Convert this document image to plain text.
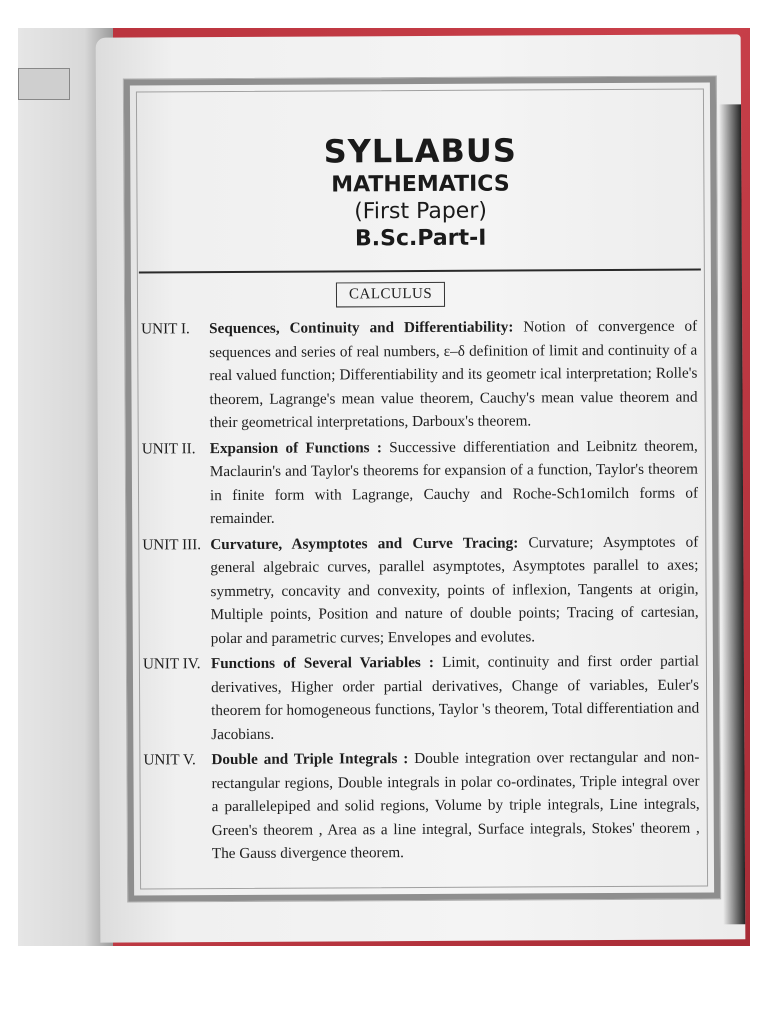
SYLLABUS
MATHEMATICS
(First Paper)
B.Sc.Part-I
CALCULUS
UNIT I.	Sequences, Continuity and Differentiability: Notion of convergence of sequences and series of real numbers, ε–δ definition of limit and continuity of a real valued function; Differentiability and its geometr ical interpretation; Rolle's theorem, Lagrange's mean value theorem, Cauchy's mean value theorem and their geometrical interpretations, Darboux's theorem.
UNIT II. Expansion of Functions : Successive differentiation and Leibnitz theorem, Maclaurin's and Taylor's theorems for expansion of a function, Taylor's theorem in finite form with Lagrange, Cauchy and Roche-Sch1omilch forms of remainder.
UNIT III. Curvature, Asymptotes and Curve Tracing: Curvature; Asymptotes of general algebraic curves, parallel asymptotes, Asymptotes parallel to axes; symmetry, concavity and convexity, points of inflexion, Tangents at origin, Multiple points, Position and nature of double points; Tracing of cartesian, polar and parametric curves; Envelopes and evolutes.
UNIT IV. Functions of Several Variables : Limit, continuity and first order partial derivatives, Higher order partial derivatives, Change of variables, Euler's theorem for homogeneous functions, Taylor 's theorem, Total differentiation and Jacobians.
UNIT V.	Double and Triple Integrals : Double integration over rectangular and non-rectangular regions, Double integrals in polar co-ordinates, Triple integral over a parallelepiped and solid regions, Volume by triple integrals, Line integrals, Green's theorem , Area as a line integral, Surface integrals, Stokes' theorem , The Gauss divergence theorem.
